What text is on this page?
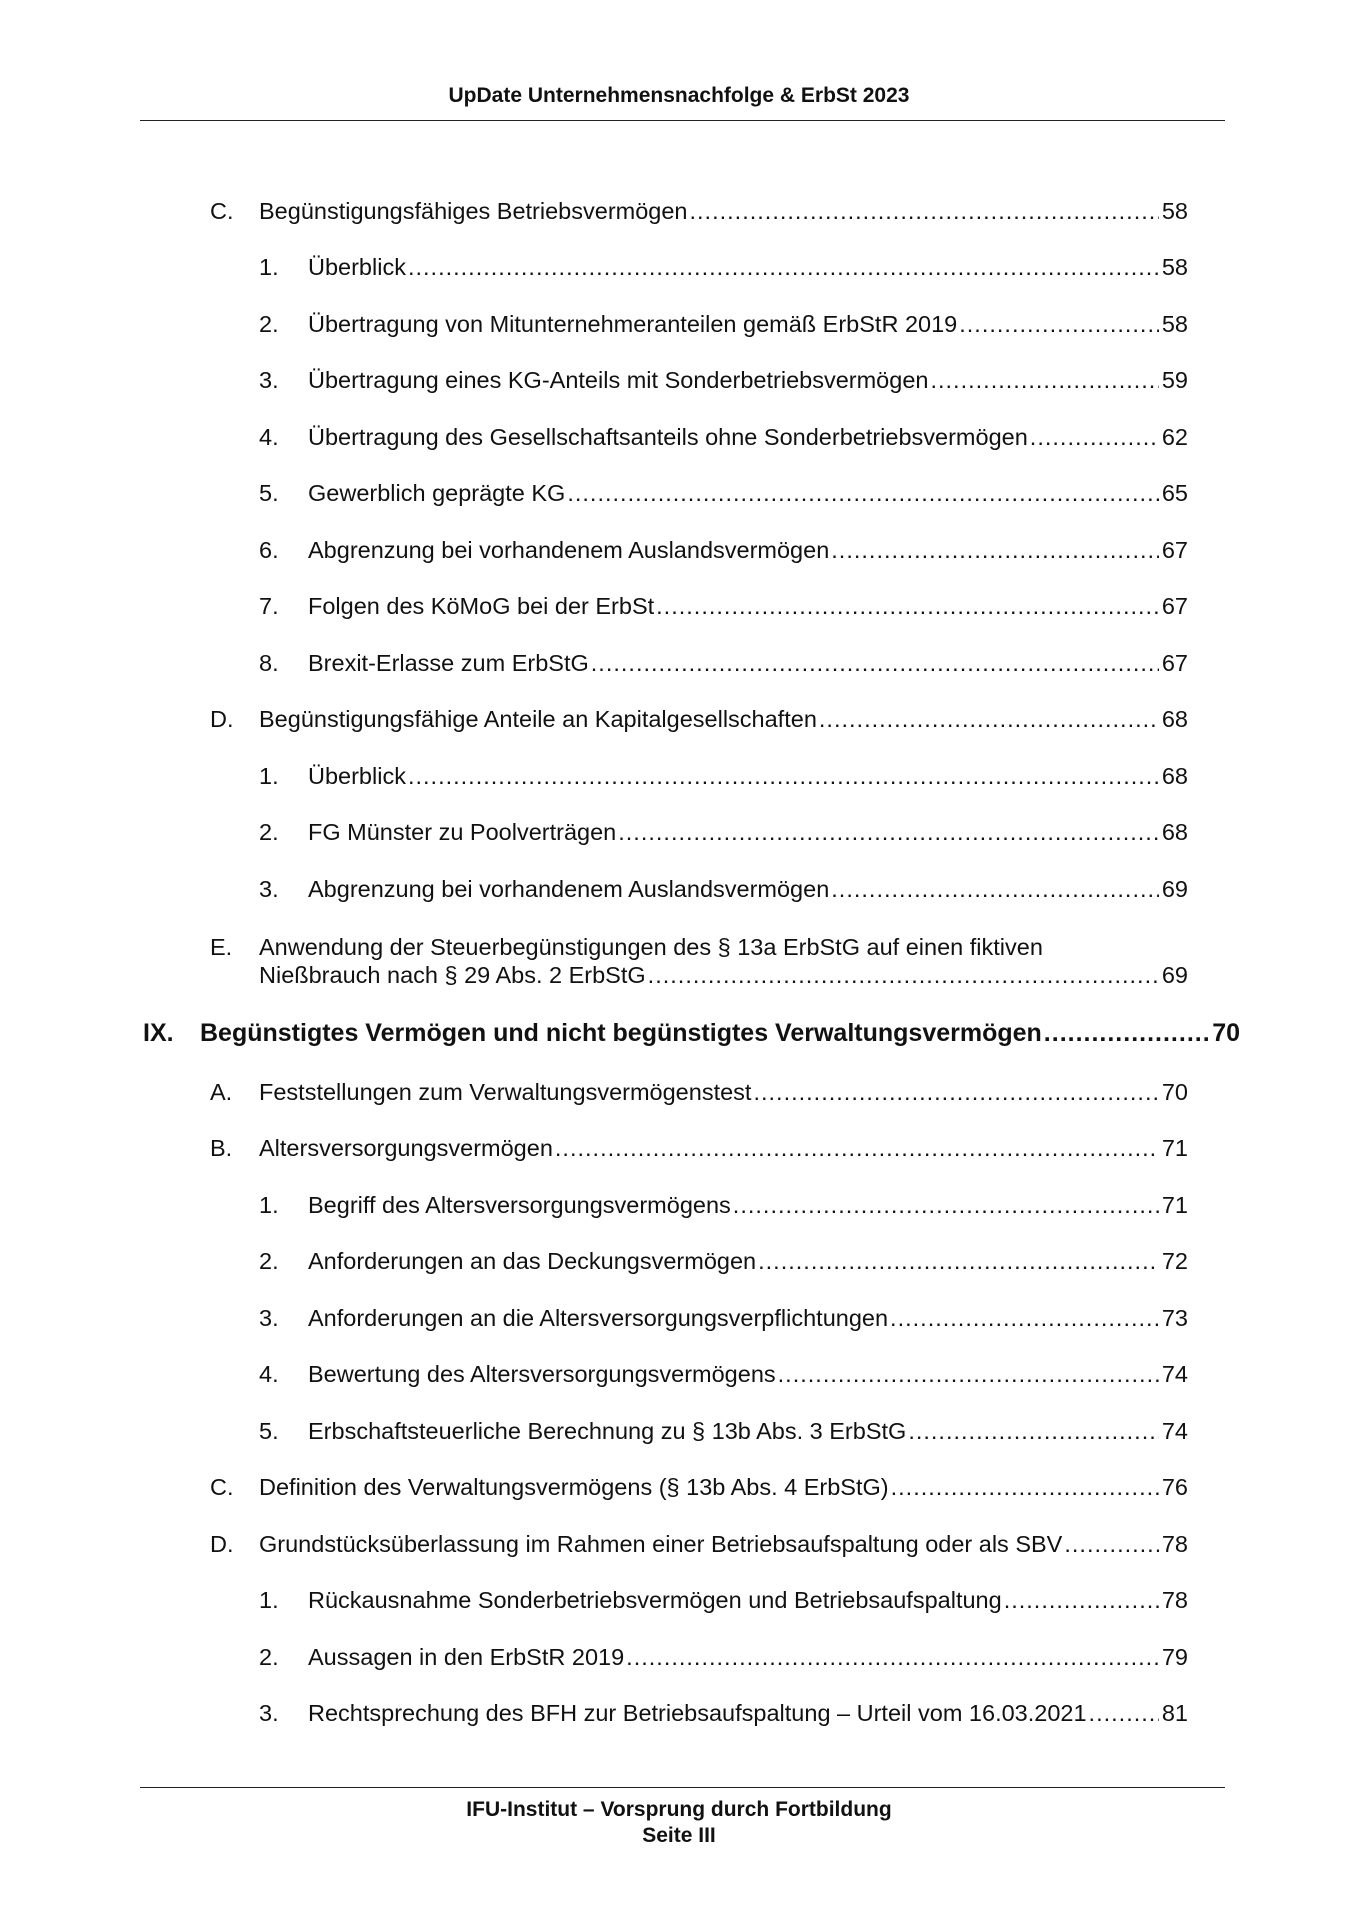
UpDate Unternehmensnachfolge & ErbSt 2023
C. Begünstigungsfähiges Betriebsvermögen .....	58
1. Überblick .....	58
2. Übertragung von Mitunternehmeranteilen gemäß ErbStR 2019 .....	58
3. Übertragung eines KG-Anteils mit Sonderbetriebsvermögen .....	59
4. Übertragung des Gesellschaftsanteils ohne Sonderbetriebsvermögen .....	62
5. Gewerblich geprägte KG .....	65
6. Abgrenzung bei vorhandenem Auslandsvermögen .....	67
7. Folgen des KöMoG bei der ErbSt .....	67
8. Brexit-Erlasse zum ErbStG .....	67
D. Begünstigungsfähige Anteile an Kapitalgesellschaften .....	68
1. Überblick .....	68
2. FG Münster zu Poolverträgen .....	68
3. Abgrenzung bei vorhandenem Auslandsvermögen .....	69
E. Anwendung der Steuerbegünstigungen des § 13a ErbStG auf einen fiktiven
Nießbrauch nach § 29 Abs. 2 ErbStG .....	69
IX. Begünstigtes Vermögen und nicht begünstigtes Verwaltungsvermögen .....	70
A. Feststellungen zum Verwaltungsvermögenstest .....	70
B. Altersversorgungsvermögen .....	71
1. Begriff des Altersversorgungsvermögens .....	71
2. Anforderungen an das Deckungsvermögen .....	72
3. Anforderungen an die Altersversorgungsverpflichtungen .....	73
4. Bewertung des Altersversorgungsvermögens .....	74
5. Erbschaftsteuerliche Berechnung zu § 13b Abs. 3 ErbStG .....	74
C. Definition des Verwaltungsvermögens (§ 13b Abs. 4 ErbStG) .....	76
D. Grundstücksüberlassung im Rahmen einer Betriebsaufspaltung oder als SBV .....	78
1. Rückausnahme Sonderbetriebsvermögen und Betriebsaufspaltung .....	78
2. Aussagen in den ErbStR 2019 .....	79
3. Rechtsprechung des BFH zur Betriebsaufspaltung – Urteil vom 16.03.2021 .....	81
IFU-Institut – Vorsprung durch Fortbildung
Seite III
